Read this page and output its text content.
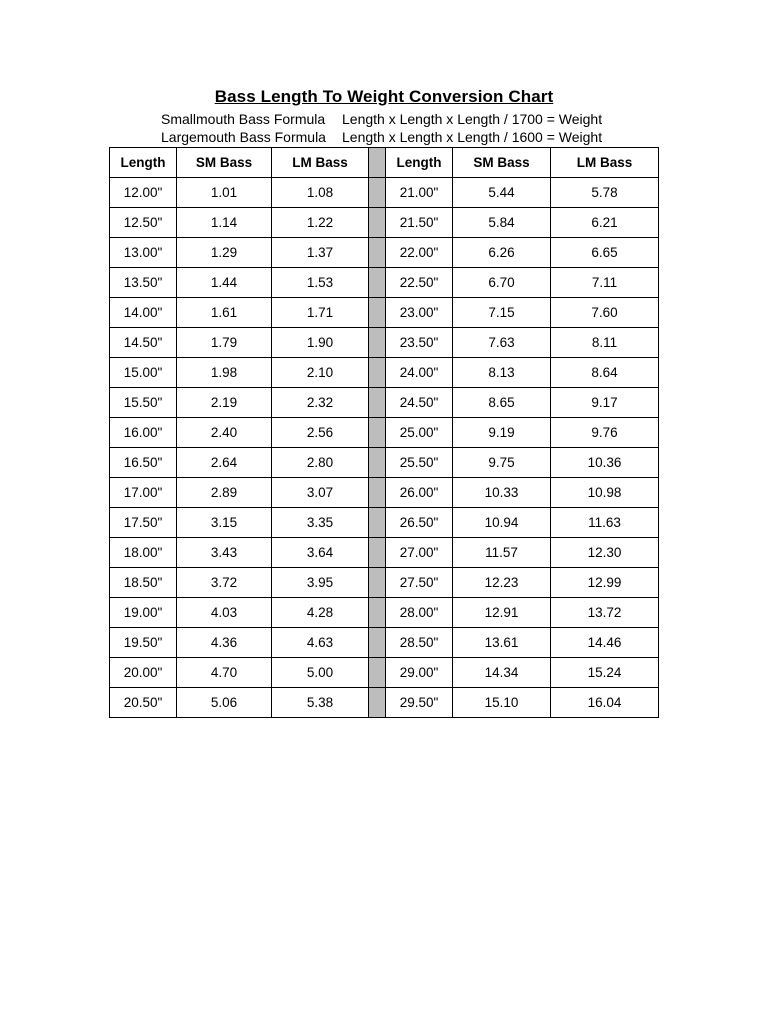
Bass Length To Weight Conversion Chart
Smallmouth Bass Formula Length x Length x Length / 1700 = Weight
Largemouth Bass Formula Length x Length x Length / 1600 = Weight
Length	SM Bass	LM Bass		Length	SM Bass	LM Bass
12.00"	1.01	1.08		21.00"	5.44	5.78
12.50"	1.14	1.22		21.50"	5.84	6.21
13.00"	1.29	1.37		22.00"	6.26	6.65
13.50"	1.44	1.53		22.50"	6.70	7.11
14.00"	1.61	1.71		23.00"	7.15	7.60
14.50"	1.79	1.90		23.50"	7.63	8.11
15.00"	1.98	2.10		24.00"	8.13	8.64
15.50"	2.19	2.32		24.50"	8.65	9.17
16.00"	2.40	2.56		25.00"	9.19	9.76
16.50"	2.64	2.80		25.50"	9.75	10.36
17.00"	2.89	3.07		26.00"	10.33	10.98
17.50"	3.15	3.35		26.50"	10.94	11.63
18.00"	3.43	3.64		27.00"	11.57	12.30
18.50"	3.72	3.95		27.50"	12.23	12.99
19.00"	4.03	4.28		28.00"	12.91	13.72
19.50"	4.36	4.63		28.50"	13.61	14.46
20.00"	4.70	5.00		29.00"	14.34	15.24
20.50"	5.06	5.38		29.50"	15.10	16.04
